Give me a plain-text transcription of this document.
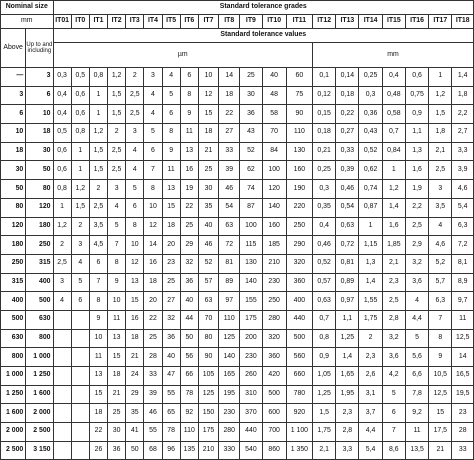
Nominal size		Standard tolerance grades																			
mm		IT01	IT0	IT1	IT2	IT3	IT4	IT5	IT6	IT7	IT8	IT9	IT10	IT11	IT12	IT13	IT14	IT15	IT16	IT17	IT18
Above	Up to and including	Standard tolerance values																			
		µm													mm						
—	3	0,3	0,5	0,8	1,2	2	3	4	6	10	14	25	40	60	0,1	0,14	0,25	0,4	0,6	1	1,4
3	6	0,4	0,6	1	1,5	2,5	4	5	8	12	18	30	48	75	0,12	0,18	0,3	0,48	0,75	1,2	1,8
6	10	0,4	0,6	1	1,5	2,5	4	6	9	15	22	36	58	90	0,15	0,22	0,36	0,58	0,9	1,5	2,2
10	18	0,5	0,8	1,2	2	3	5	8	11	18	27	43	70	110	0,18	0,27	0,43	0,7	1,1	1,8	2,7
18	30	0,6	1	1,5	2,5	4	6	9	13	21	33	52	84	130	0,21	0,33	0,52	0,84	1,3	2,1	3,3
30	50	0,6	1	1,5	2,5	4	7	11	16	25	39	62	100	160	0,25	0,39	0,62	1	1,6	2,5	3,9
50	80	0,8	1,2	2	3	5	8	13	19	30	46	74	120	190	0,3	0,46	0,74	1,2	1,9	3	4,6
80	120	1	1,5	2,5	4	6	10	15	22	35	54	87	140	220	0,35	0,54	0,87	1,4	2,2	3,5	5,4
120	180	1,2	2	3,5	5	8	12	18	25	40	63	100	160	250	0,4	0,63	1	1,6	2,5	4	6,3
180	250	2	3	4,5	7	10	14	20	29	46	72	115	185	290	0,46	0,72	1,15	1,85	2,9	4,6	7,2
250	315	2,5	4	6	8	12	16	23	32	52	81	130	210	320	0,52	0,81	1,3	2,1	3,2	5,2	8,1
315	400	3	5	7	9	13	18	25	36	57	89	140	230	360	0,57	0,89	1,4	2,3	3,6	5,7	8,9
400	500	4	6	8	10	15	20	27	40	63	97	155	250	400	0,63	0,97	1,55	2,5	4	6,3	9,7
500	630			9	11	16	22	32	44	70	110	175	280	440	0,7	1,1	1,75	2,8	4,4	7	11
630	800			10	13	18	25	36	50	80	125	200	320	500	0,8	1,25	2	3,2	5	8	12,5
800	1 000			11	15	21	28	40	56	90	140	230	360	560	0,9	1,4	2,3	3,6	5,6	9	14
1 000	1 250			13	18	24	33	47	66	105	165	260	420	660	1,05	1,65	2,6	4,2	6,6	10,5	16,5
1 250	1 600			15	21	29	39	55	78	125	195	310	500	780	1,25	1,95	3,1	5	7,8	12,5	19,5
1 600	2 000			18	25	35	46	65	92	150	230	370	600	920	1,5	2,3	3,7	6	9,2	15	23
2 000	2 500			22	30	41	55	78	110	175	280	440	700	1 100	1,75	2,8	4,4	7	11	17,5	28
2 500	3 150			26	36	50	68	96	135	210	330	540	860	1 350	2,1	3,3	5,4	8,6	13,5	21	33
